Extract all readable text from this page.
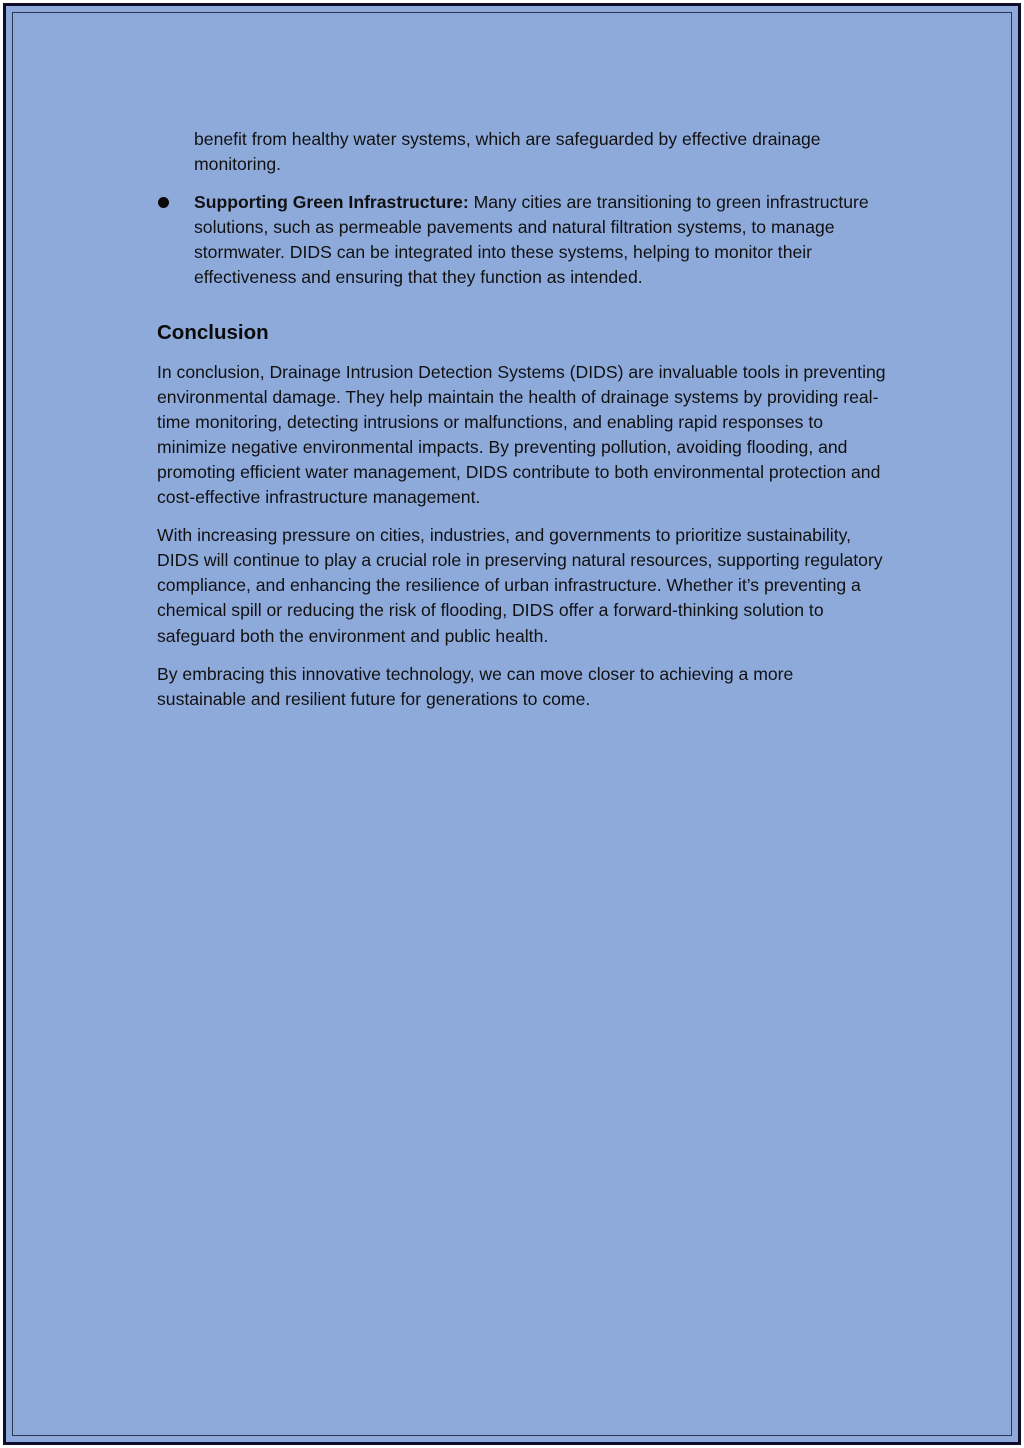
benefit from healthy water systems, which are safeguarded by effective drainage monitoring.

Supporting Green Infrastructure: Many cities are transitioning to green infrastructure solutions, such as permeable pavements and natural filtration systems, to manage stormwater. DIDS can be integrated into these systems, helping to monitor their effectiveness and ensuring that they function as intended.
Conclusion

In conclusion, Drainage Intrusion Detection Systems (DIDS) are invaluable tools in preventing environmental damage. They help maintain the health of drainage systems by providing real-time monitoring, detecting intrusions or malfunctions, and enabling rapid responses to minimize negative environmental impacts. By preventing pollution, avoiding flooding, and promoting efficient water management, DIDS contribute to both environmental protection and cost-effective infrastructure management.

With increasing pressure on cities, industries, and governments to prioritize sustainability, DIDS will continue to play a crucial role in preserving natural resources, supporting regulatory compliance, and enhancing the resilience of urban infrastructure. Whether it’s preventing a chemical spill or reducing the risk of flooding, DIDS offer a forward-thinking solution to safeguard both the environment and public health.

By embracing this innovative technology, we can move closer to achieving a more sustainable and resilient future for generations to come.
